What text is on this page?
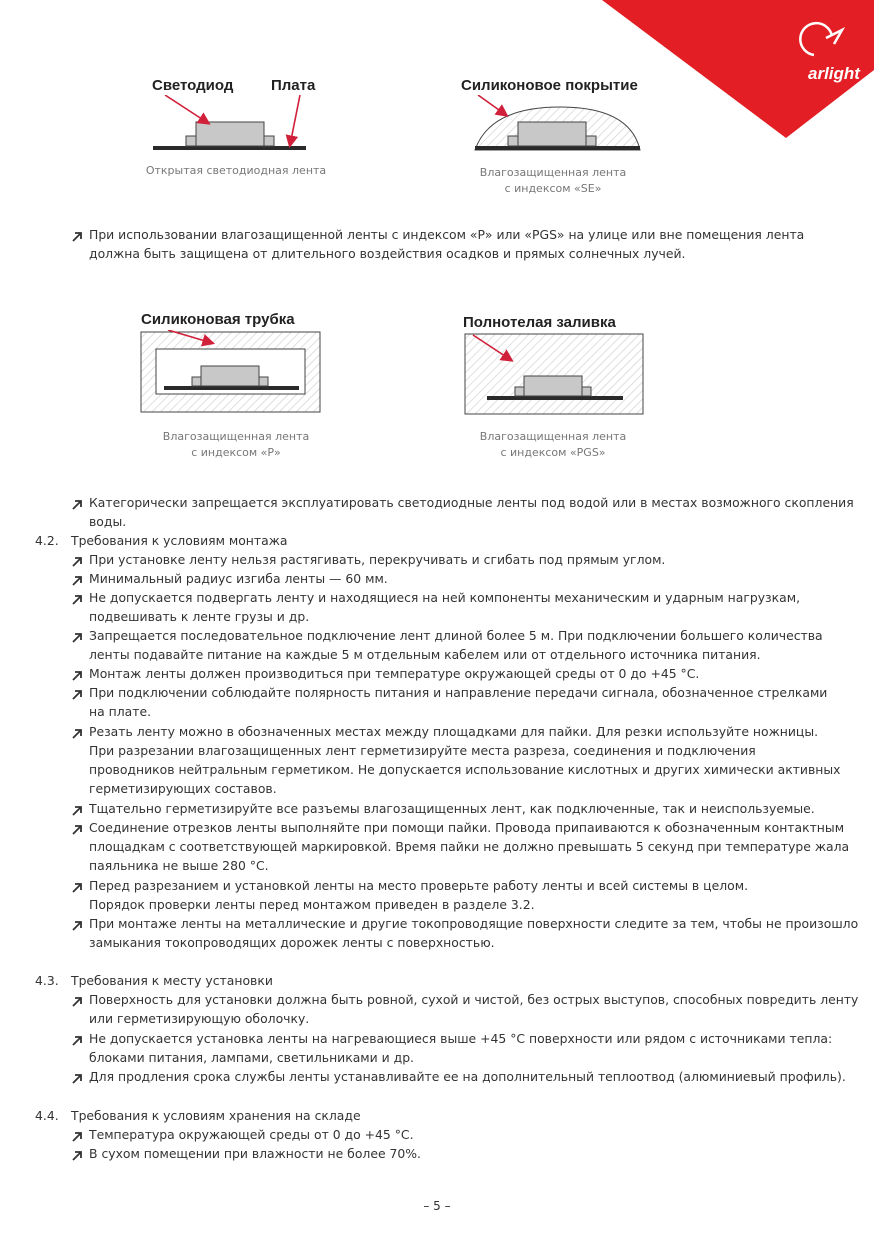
arlight
Светодиод	Плата
Открытая светодиодная лента
Силиконовое покрытие
Влагозащищенная лента
с индексом «SE»
При использовании влагозащищенной ленты с индексом «P» или «PGS» на улице или вне помещения лента
должна быть защищена от длительного воздействия осадков и прямых солнечных лучей.
Силиконовая трубка
Влагозащищенная лента
с индексом «P»
Полнотелая заливка
Влагозащищенная лента
с индексом «PGS»
Категорически запрещается эксплуатировать светодиодные ленты под водой или в местах возможного скопления
воды.
4.2. Требования к условиям монтажа
При установке ленту нельзя растягивать, перекручивать и сгибать под прямым углом.
Минимальный радиус изгиба ленты — 60 мм.
Не допускается подвергать ленту и находящиеся на ней компоненты механическим и ударным нагрузкам,
подвешивать к ленте грузы и др.
Запрещается последовательное подключение лент длиной более 5 м. При подключении большего количества
ленты подавайте питание на каждые 5 м отдельным кабелем или от отдельного источника питания.
Монтаж ленты должен производиться при температуре окружающей среды от 0 до +45 °C.
При подключении соблюдайте полярность питания и направление передачи сигнала, обозначенное стрелками
на плате.
Резать ленту можно в обозначенных местах между площадками для пайки. Для резки используйте ножницы.
При разрезании влагозащищенных лент герметизируйте места разреза, соединения и подключения
проводников нейтральным герметиком. Не допускается использование кислотных и других химически активных
герметизирующих составов.
Тщательно герметизируйте все разъемы влагозащищенных лент, как подключенные, так и неиспользуемые.
Соединение отрезков ленты выполняйте при помощи пайки. Провода припаиваются к обозначенным контактным
площадкам с соответствующей маркировкой. Время пайки не должно превышать 5 секунд при температуре жала
паяльника не выше 280 °C.
Перед разрезанием и установкой ленты на место проверьте работу ленты и всей системы в целом.
Порядок проверки ленты перед монтажом приведен в разделе 3.2.
При монтаже ленты на металлические и другие токопроводящие поверхности следите за тем, чтобы не произошло
замыкания токопроводящих дорожек ленты с поверхностью.
4.3. Требования к месту установки
Поверхность для установки должна быть ровной, сухой и чистой, без острых выступов, способных повредить ленту
или герметизирующую оболочку.
Не допускается установка ленты на нагревающиеся выше +45 °C поверхности или рядом с источниками тепла:
блоками питания, лампами, светильниками и др.
Для продления срока службы ленты устанавливайте ее на дополнительный теплоотвод (алюминиевый профиль).
4.4. Требования к условиям хранения на складе
Температура окружающей среды от 0 до +45 °C.
В сухом помещении при влажности не более 70%.
– 5 –
